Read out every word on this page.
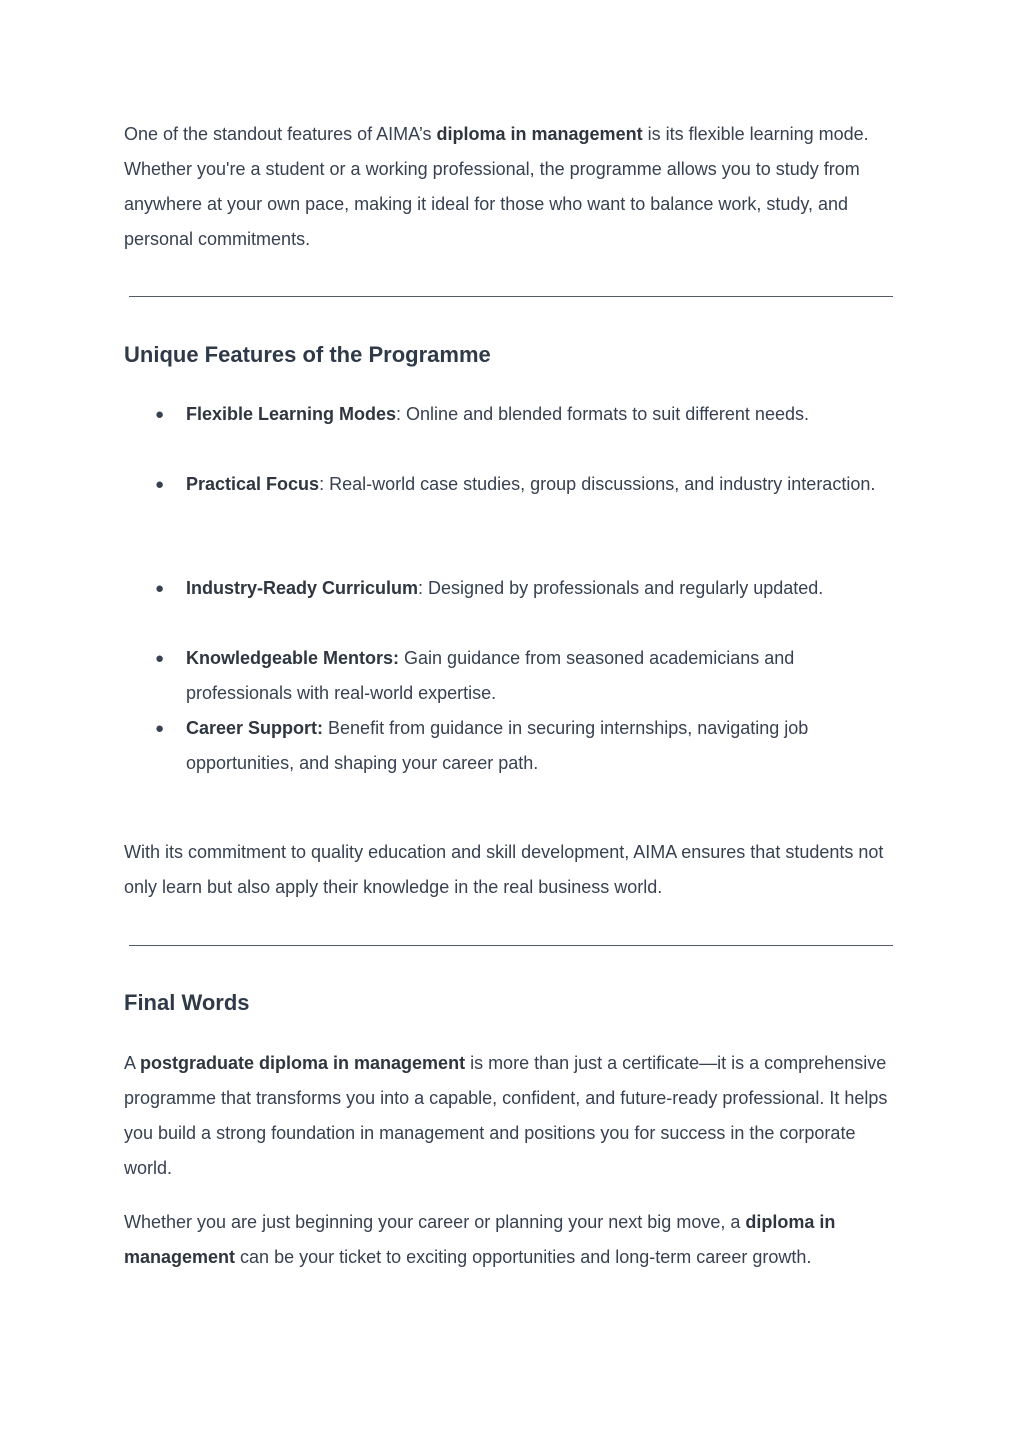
One of the standout features of AIMA’s diploma in management is its flexible learning mode. Whether you're a student or a working professional, the programme allows you to study from anywhere at your own pace, making it ideal for those who want to balance work, study, and personal commitments.

Unique Features of the Programme
● Flexible Learning Modes: Online and blended formats to suit different needs.
● Practical Focus: Real-world case studies, group discussions, and industry interaction.
● Industry-Ready Curriculum: Designed by professionals and regularly updated.
● Knowledgeable Mentors: Gain guidance from seasoned academicians and professionals with real-world expertise.
● Career Support: Benefit from guidance in securing internships, navigating job opportunities, and shaping your career path.

With its commitment to quality education and skill development, AIMA ensures that students not only learn but also apply their knowledge in the real business world.

Final Words

A postgraduate diploma in management is more than just a certificate—it is a comprehensive programme that transforms you into a capable, confident, and future-ready professional. It helps you build a strong foundation in management and positions you for success in the corporate world.

Whether you are just beginning your career or planning your next big move, a diploma in management can be your ticket to exciting opportunities and long-term career growth.
